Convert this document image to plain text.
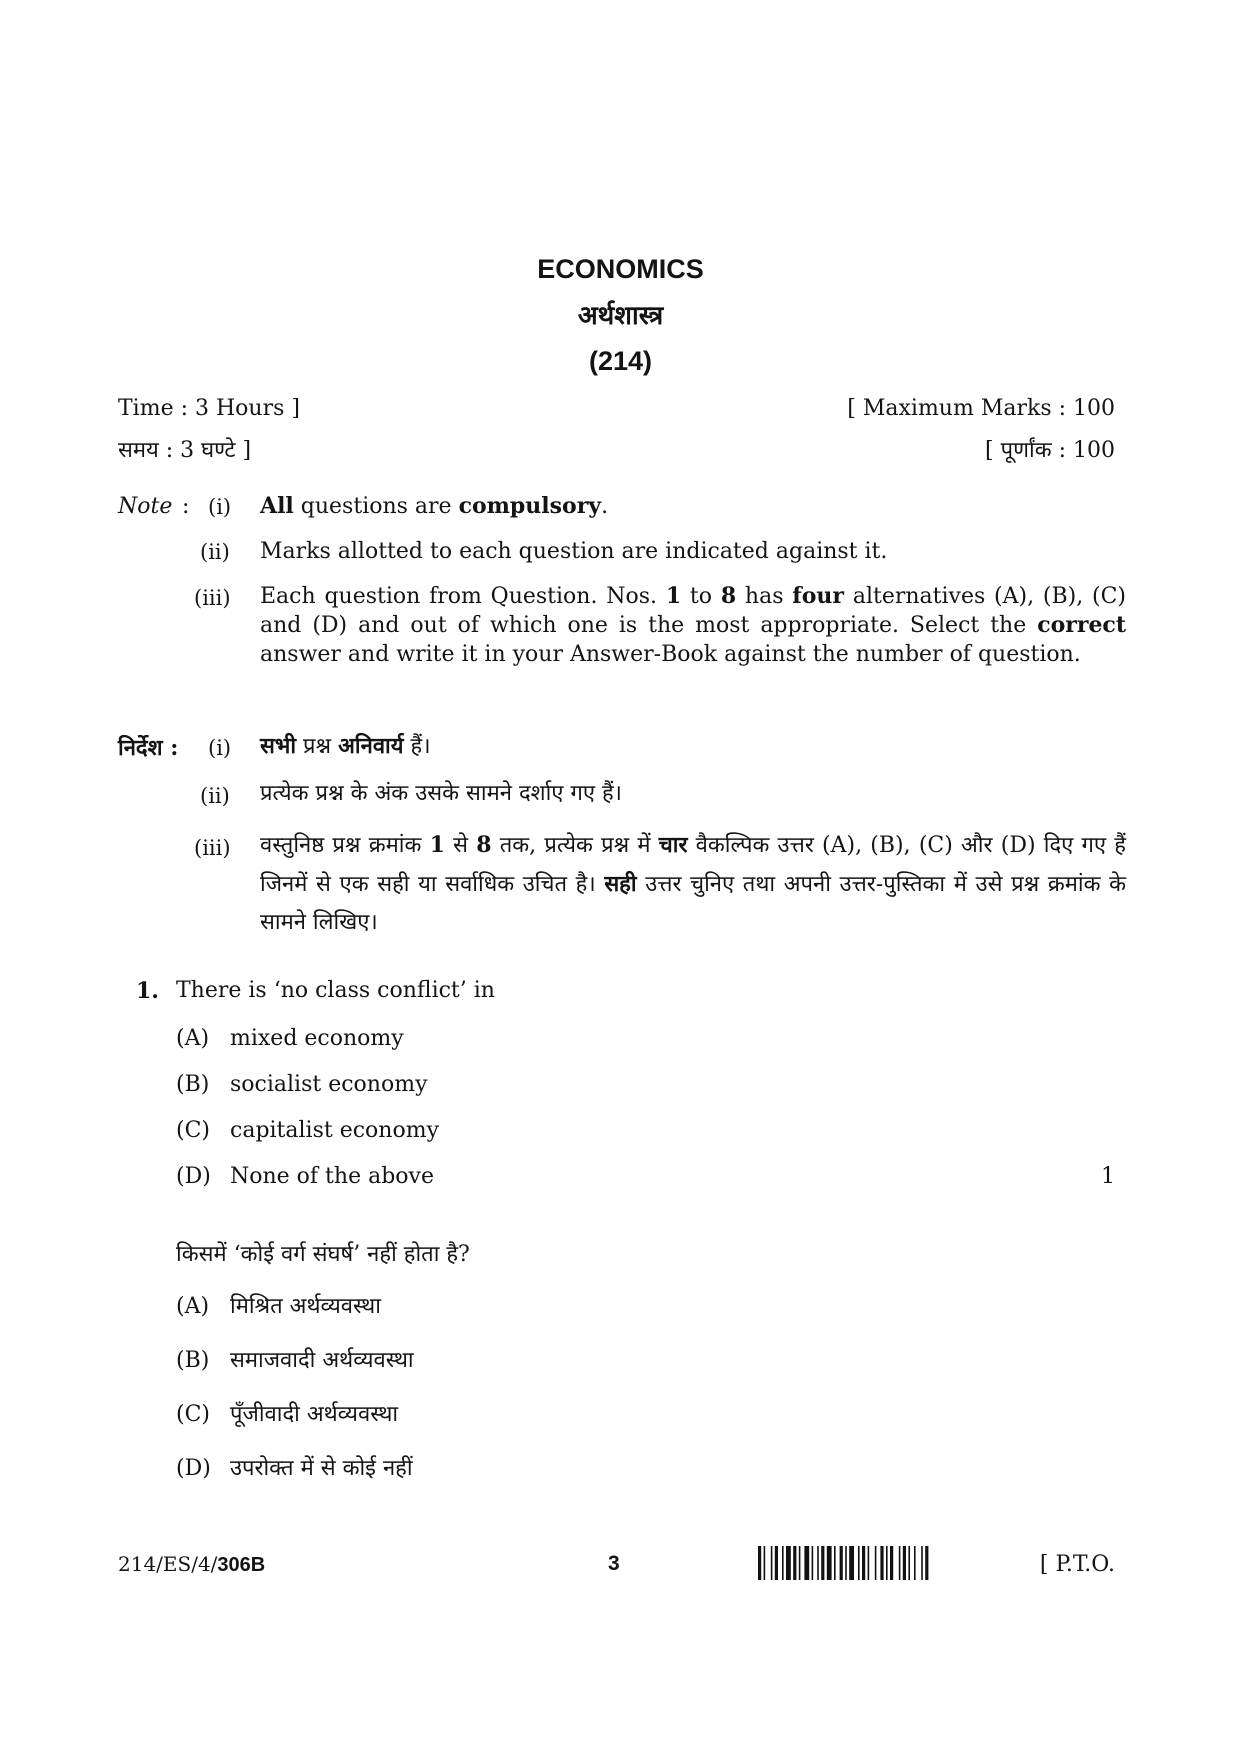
ECONOMICS
अर्थशास्त्र
(214)
Time : 3 Hours ]
समय : 3 घण्टे ]
[ Maximum Marks : 100
[ पूर्णांक : 100
Note : (i) All questions are compulsory.
(ii) Marks allotted to each question are indicated against it.
(iii) Each question from Question. Nos. 1 to 8 has four alternatives (A), (B), (C) and (D) and out of which one is the most appropriate. Select the correct answer and write it in your Answer-Book against the number of question.
निर्देश : (i) सभी प्रश्न अनिवार्य हैं।
(ii) प्रत्येक प्रश्न के अंक उसके सामने दर्शाए गए हैं।
(iii) वस्तुनिष्ठ प्रश्न क्रमांक 1 से 8 तक, प्रत्येक प्रश्न में चार वैकल्पिक उत्तर (A), (B), (C) और (D) दिए गए हैं जिनमें से एक सही या सर्वाधिक उचित है। सही उत्तर चुनिए तथा अपनी उत्तर-पुस्तिका में उसे प्रश्न क्रमांक के सामने लिखिए।
1. There is ‘no class conflict’ in
(A) mixed economy
(B) socialist economy
(C) capitalist economy
(D) None of the above	1
किसमें ‘कोई वर्ग संघर्ष’ नहीं होता है?
(A) मिश्रित अर्थव्यवस्था
(B) समाजवादी अर्थव्यवस्था
(C) पूँजीवादी अर्थव्यवस्था
(D) उपरोक्त में से कोई नहीं
214/ES/4/306B	3	[ P.T.O.
